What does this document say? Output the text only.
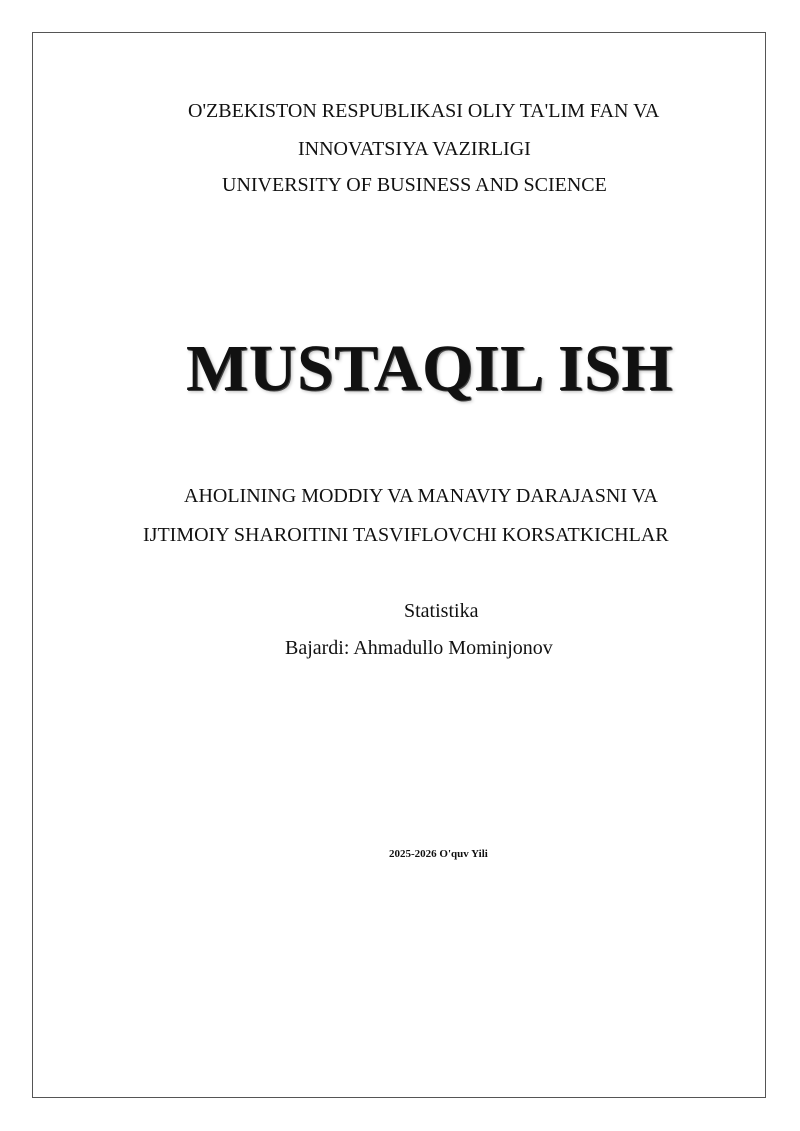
O'ZBEKISTON RESPUBLIKASI OLIY TA'LIM FAN VA
INNOVATSIYA VAZIRLIGI
UNIVERSITY OF BUSINESS AND SCIENCE
MUSTAQIL ISH
AHOLINING MODDIY VA MANAVIY DARAJASNI VA
IJTIMOIY SHAROITINI TASVIFLOVCHI KORSATKICHLAR
Statistika
Bajardi: Ahmadullo Mominjonov
2025-2026 O'quv Yili
